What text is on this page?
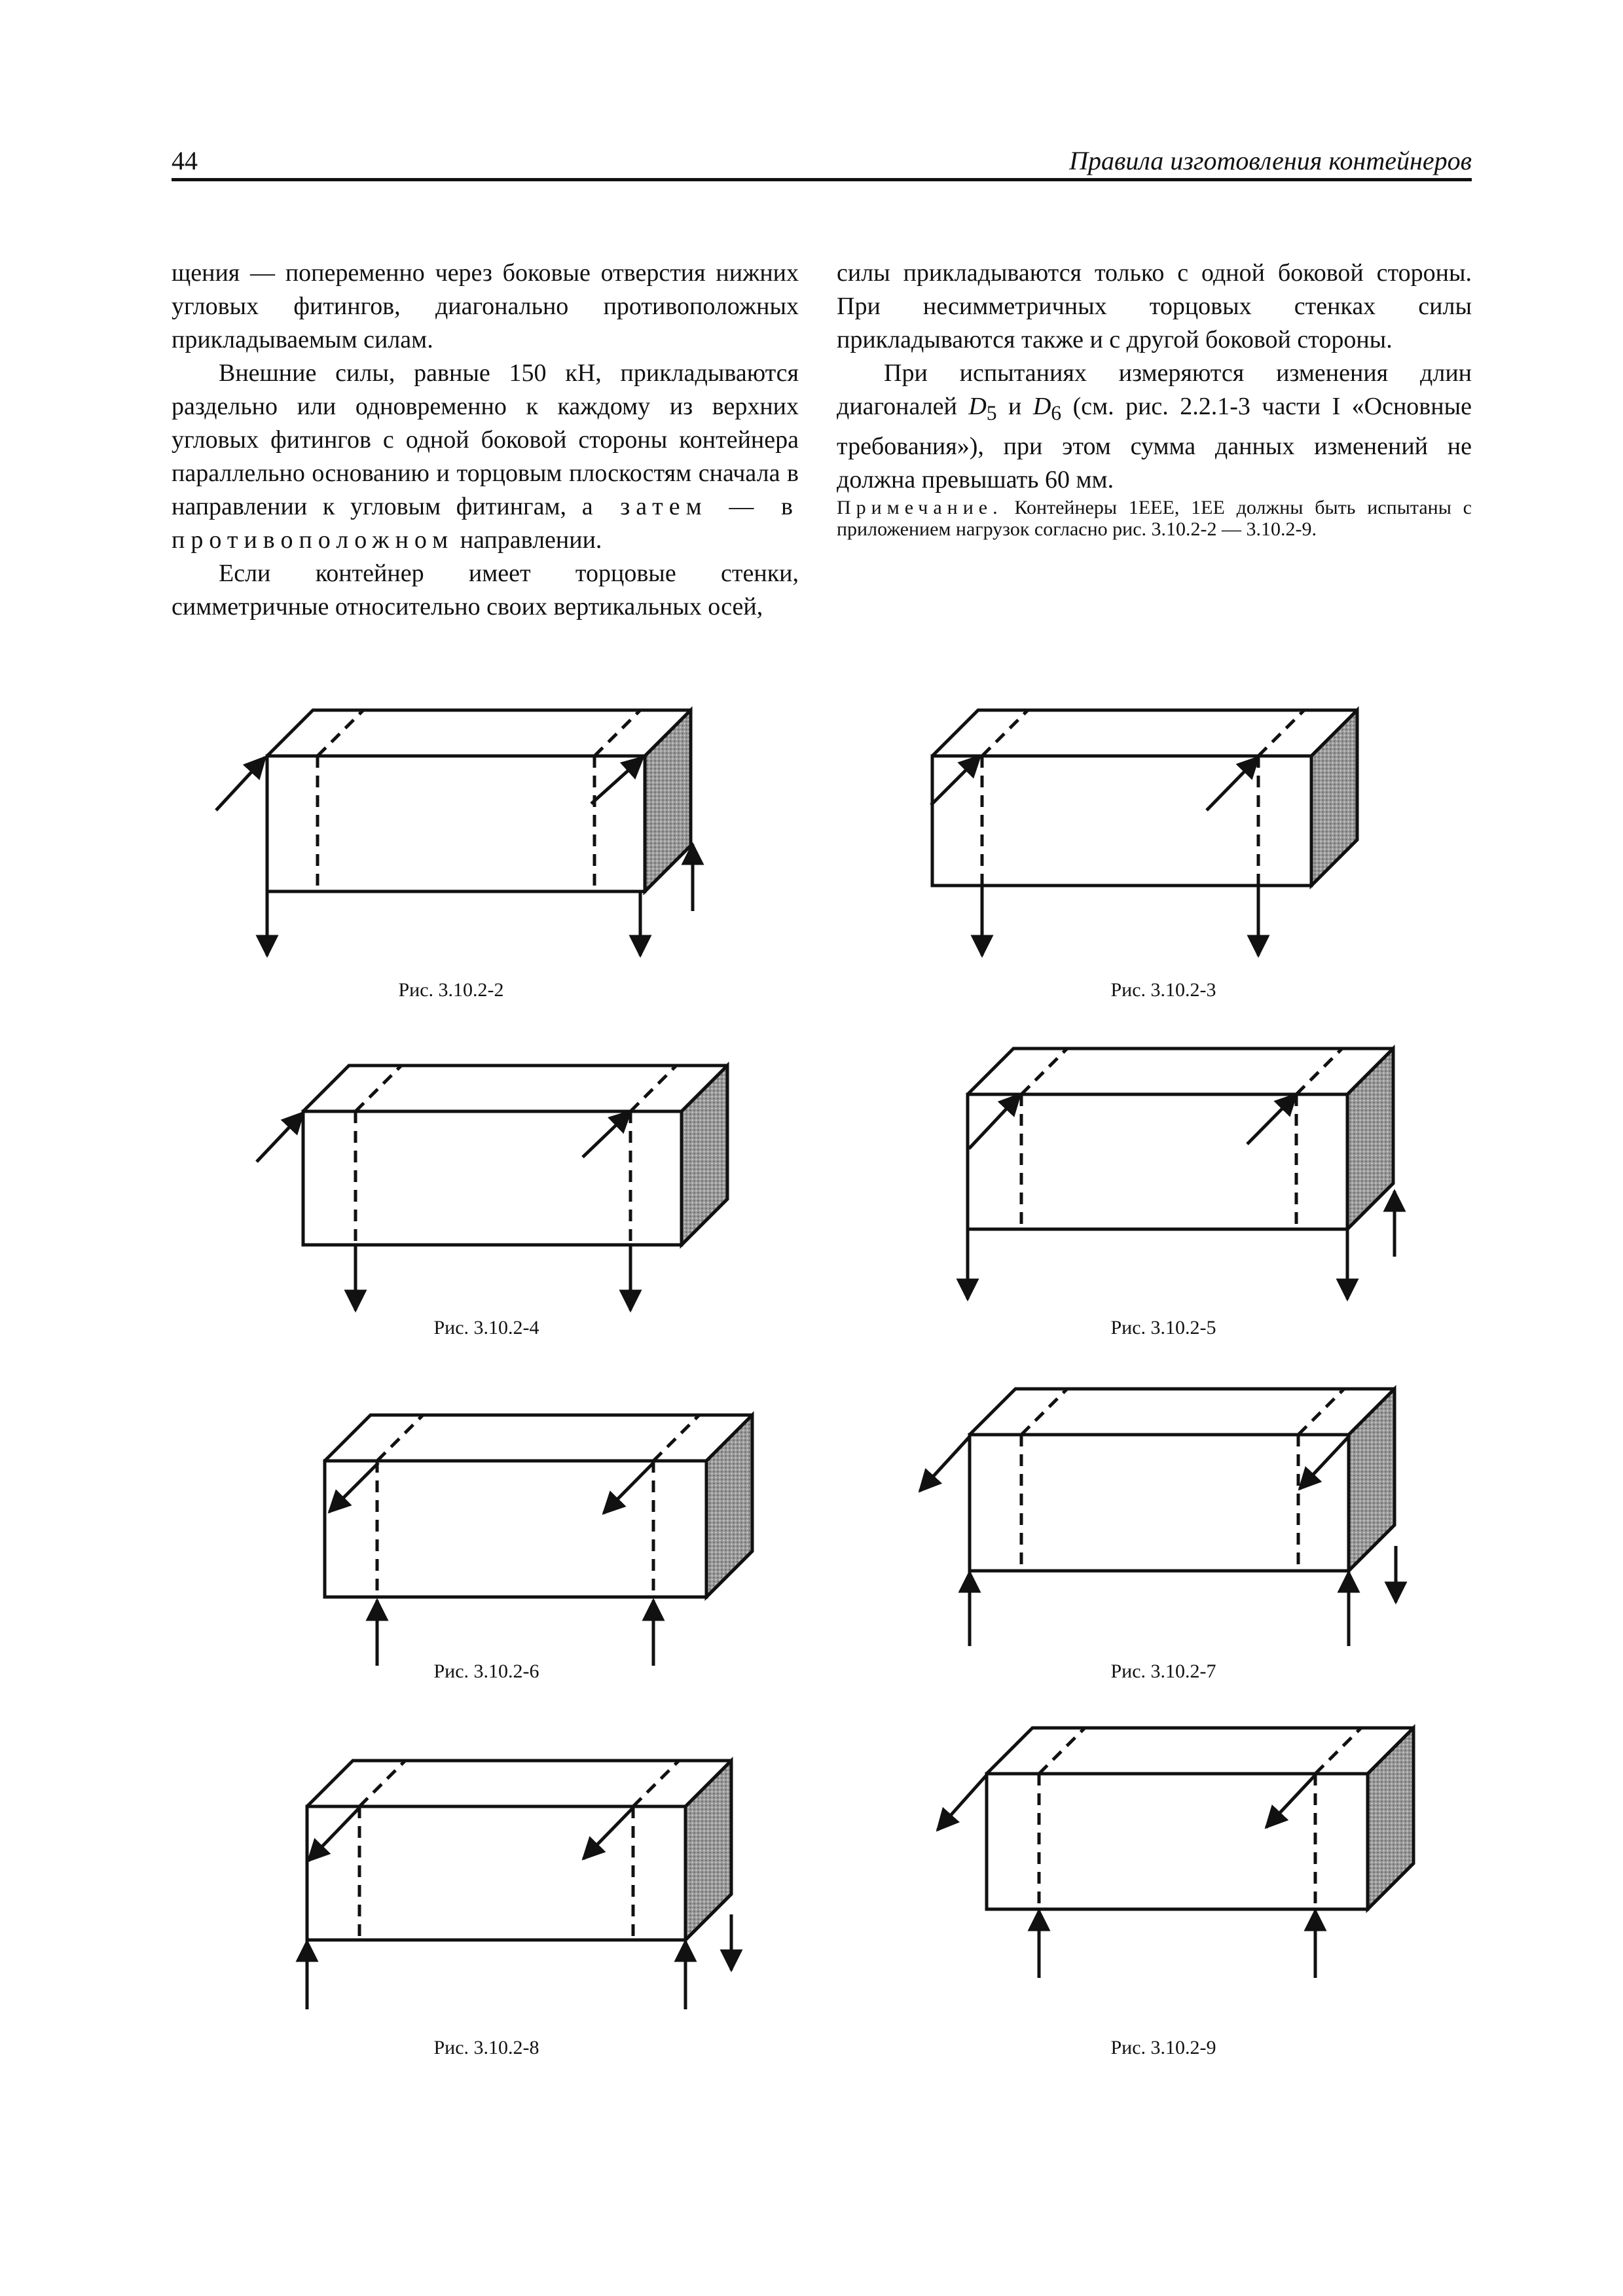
44	Правила изготовления контейнеров

щения — попеременно через боковые отверстия нижних угловых фитингов, диагонально противоположных прикладываемым силам.

Внешние силы, равные 150 кН, прикладываются раздельно или одновременно к каждому из верхних угловых фитингов с одной боковой стороны контейнера параллельно основанию и торцовым плоскостям сначала в направлении к угловым фитингам, а затем — в противоположном направлении.

Если контейнер имеет торцовые стенки, симметричные относительно своих вертикальных осей,

силы прикладываются только с одной боковой стороны. При несимметричных торцовых стенках силы прикладываются также и с другой боковой стороны.

При испытаниях измеряются изменения длин диагоналей $D_5$ и $D_6$ (см. рис. 2.2.1-3 части I «Основные требования»), при этом сумма данных изменений не должна превышать 60 мм.

Примечание. Контейнеры 1ЕЕЕ, 1ЕЕ должны быть испытаны с приложением нагрузок согласно рис. 3.10.2-2 — 3.10.2-9.

Рис. 3.10.2-2	Рис. 3.10.2-3
Рис. 3.10.2-4	Рис. 3.10.2-5
Рис. 3.10.2-6	Рис. 3.10.2-7
Рис. 3.10.2-8	Рис. 3.10.2-9
